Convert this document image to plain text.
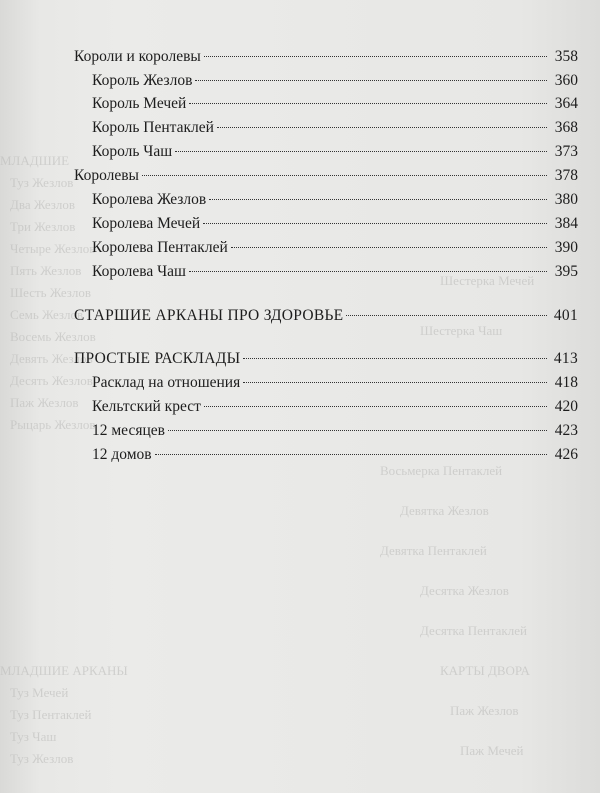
МЛАДШИЕ
Туз Жезлов
Два Жезлов
Три Жезлов
Четыре Жезлов
Пять Жезлов
Шесть Жезлов
Семь Жезлов
Восемь Жезлов
Девять Жезлов
Десять Жезлов
Паж Жезлов
Рыцарь Жезлов
МЛАДШИЕ АРКАНЫ
Туз Мечей
Туз Пентаклей
Туз Чаш
Туз Жезлов
Шестерка Мечей
Шестерка Чаш
Восьмерка Пентаклей
Девятка Жезлов
Девятка Пентаклей
Десятка Жезлов
Десятка Пентаклей
КАРТЫ ДВОРА
Паж Жезлов
Паж Мечей
Короли и королевы	358
Король Жезлов	360
Король Мечей	364
Король Пентаклей	368
Король Чаш	373
Королевы	378
Королева Жезлов	380
Королева Мечей	384
Королева Пентаклей	390
Королева Чаш	395
СТАРШИЕ АРКАНЫ ПРО ЗДОРОВЬЕ	401
ПРОСТЫЕ РАСКЛАДЫ	413
Расклад на отношения	418
Кельтский крест	420
12 месяцев	423
12 домов	426
